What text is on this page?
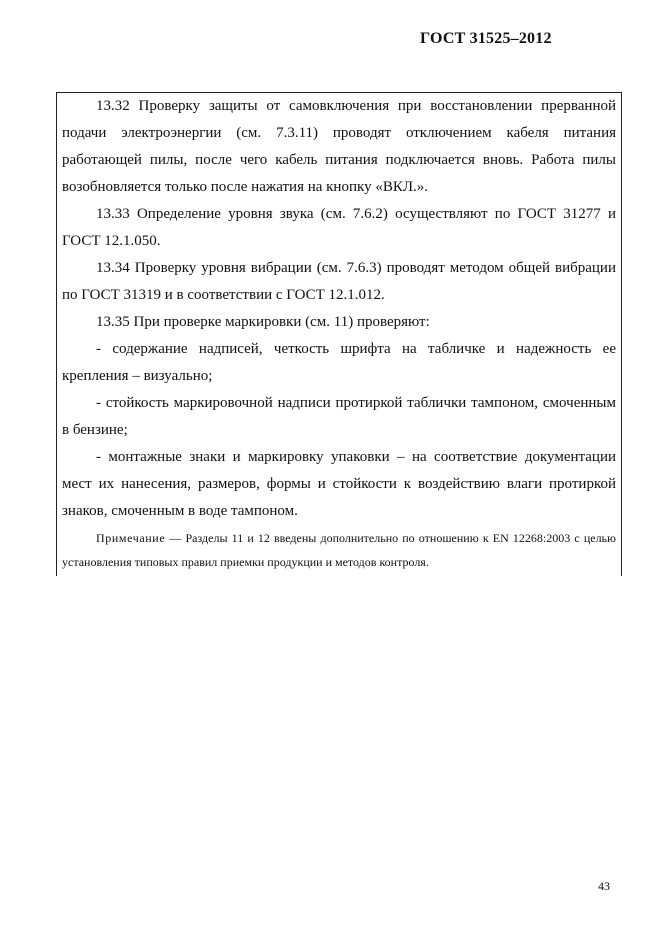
ГОСТ 31525–2012

13.32 Проверку защиты от самовключения при восстановлении прерванной подачи электроэнергии (см. 7.3.11) проводят отключением кабеля питания работающей пилы, после чего кабель питания подключается вновь. Работа пилы возобновляется только после нажатия на кнопку «ВКЛ.».

13.33 Определение уровня звука (см. 7.6.2) осуществляют по ГОСТ 31277 и ГОСТ 12.1.050.

13.34 Проверку уровня вибрации (см. 7.6.3) проводят методом общей вибрации по ГОСТ 31319 и в соответствии с ГОСТ 12.1.012.

13.35 При проверке маркировки (см. 11) проверяют:

- содержание надписей, четкость шрифта на табличке и надежность ее крепления – визуально;

- стойкость маркировочной надписи протиркой таблички тампоном, смоченным в бензине;

- монтажные знаки и маркировку упаковки – на соответствие документации мест их нанесения, размеров, формы и стойкости к воздействию влаги протиркой знаков, смоченным в воде тампоном.

Примечание — Разделы 11 и 12 введены дополнительно по отношению к EN 12268:2003 с целью установления типовых правил приемки продукции и методов контроля.

43
